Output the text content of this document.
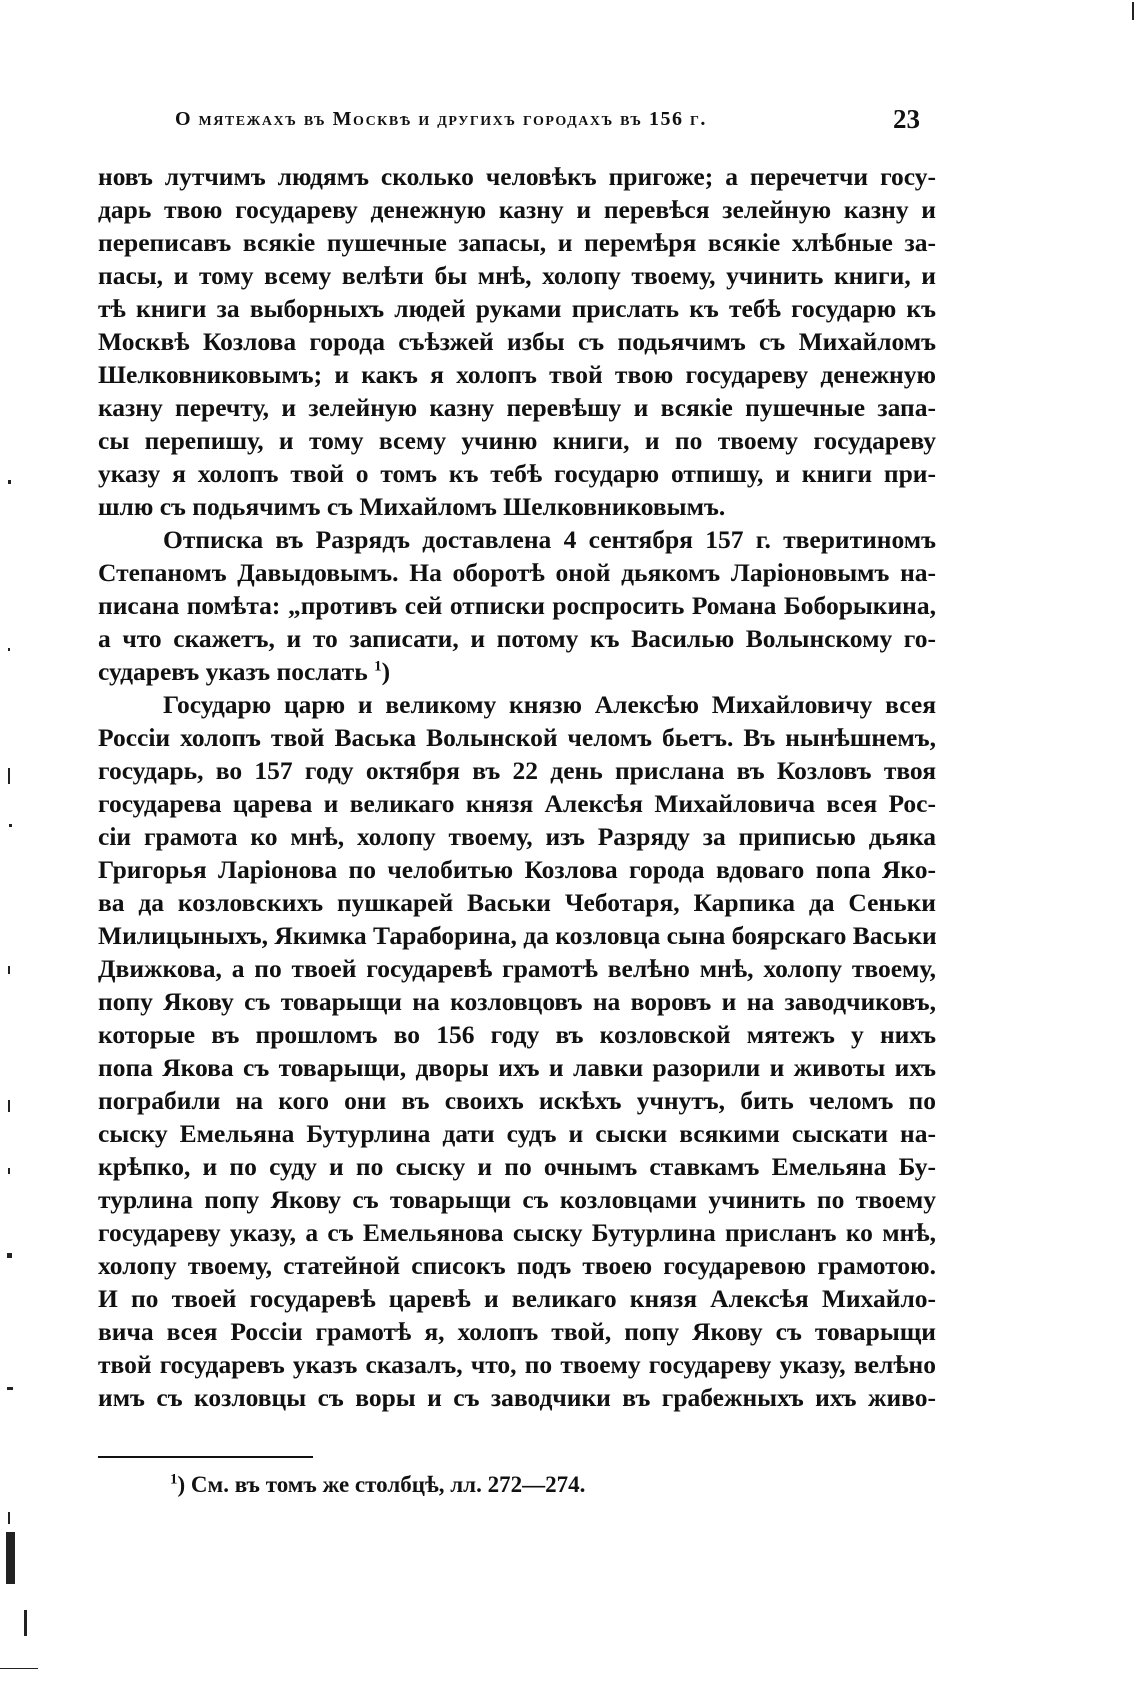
О мятежахъ въ Москвѣ и другихъ городахъ въ 156 г.	23
новъ лутчимъ людямъ сколько человѣкъ пригоже; а перечетчи госу-
дарь твою государеву денежную казну и перевѣся зелейную казну и
переписавъ всякіе пушечные запасы, и перемѣря всякіе хлѣбные за-
пасы, и тому всему велѣти бы мнѣ, холопу твоему, учинить книги, и
тѣ книги за выборныхъ людей руками прислать къ тебѣ государю къ
Москвѣ Козлова города съѣзжей избы съ подьячимъ съ Михайломъ
Шелковниковымъ; и какъ я холопъ твой твою государеву денежную
казну перечту, и зелейную казну перевѣшу и всякіе пушечные запа-
сы перепишу, и тому всему учиню книги, и по твоему государеву
указу я холопъ твой о томъ къ тебѣ государю отпишу, и книги при-
шлю съ подьячимъ съ Михайломъ Шелковниковымъ.
Отписка въ Разрядъ доставлена 4 сентября 157 г. тверитиномъ
Степаномъ Давыдовымъ. На оборотѣ оной дьякомъ Ларіоновымъ на-
писана помѣта: „противъ сей отписки роспросить Романа Боборыкина,
а что скажетъ, и то записати, и потому къ Василью Волынскому го-
сударевъ указъ послать $^1$)
Государю царю и великому князю Алексѣю Михайловичу всея
Россіи холопъ твой Васька Волынской челомъ бьетъ. Въ нынѣшнемъ,
государь, во 157 году октября въ 22 день прислана въ Козловъ твоя
государева царева и великаго князя Алексѣя Михайловича всея Рос-
сіи грамота ко мнѣ, холопу твоему, изъ Разряду за приписью дьяка
Григорья Ларіонова по челобитью Козлова города вдоваго попа Яко-
ва да козловскихъ пушкарей Васьки Чеботаря, Карпика да Сеньки
Милицыныхъ, Якимка Тараборина, да козловца сына боярскаго Васьки
Движкова, а по твоей государевѣ грамотѣ велѣно мнѣ, холопу твоему,
попу Якову съ товарыщи на козловцовъ на воровъ и на заводчиковъ,
которые въ прошломъ во 156 году въ козловской мятежъ у нихъ
попа Якова съ товарыщи, дворы ихъ и лавки разорили и животы ихъ
пограбили на кого они въ своихъ искѣхъ учнутъ, бить челомъ по
сыску Емельяна Бутурлина дати судъ и сыски всякими сыскати на-
крѣпко, и по суду и по сыску и по очнымъ ставкамъ Емельяна Бу-
турлина попу Якову съ товарыщи съ козловцами учинить по твоему
государеву указу, а съ Емельянова сыску Бутурлина присланъ ко мнѣ,
холопу твоему, статейной списокъ подъ твоею государевою грамотою.
И по твоей государевѣ царевѣ и великаго князя Алексѣя Михайло-
вича всея Россіи грамотѣ я, холопъ твой, попу Якову съ товарыщи
твой государевъ указъ сказалъ, что, по твоему государеву указу, велѣно
имъ съ козловцы съ воры и съ заводчики въ грабежныхъ ихъ живо-
$^1$) См. въ томъ же столбцѣ, лл. 272—274.
